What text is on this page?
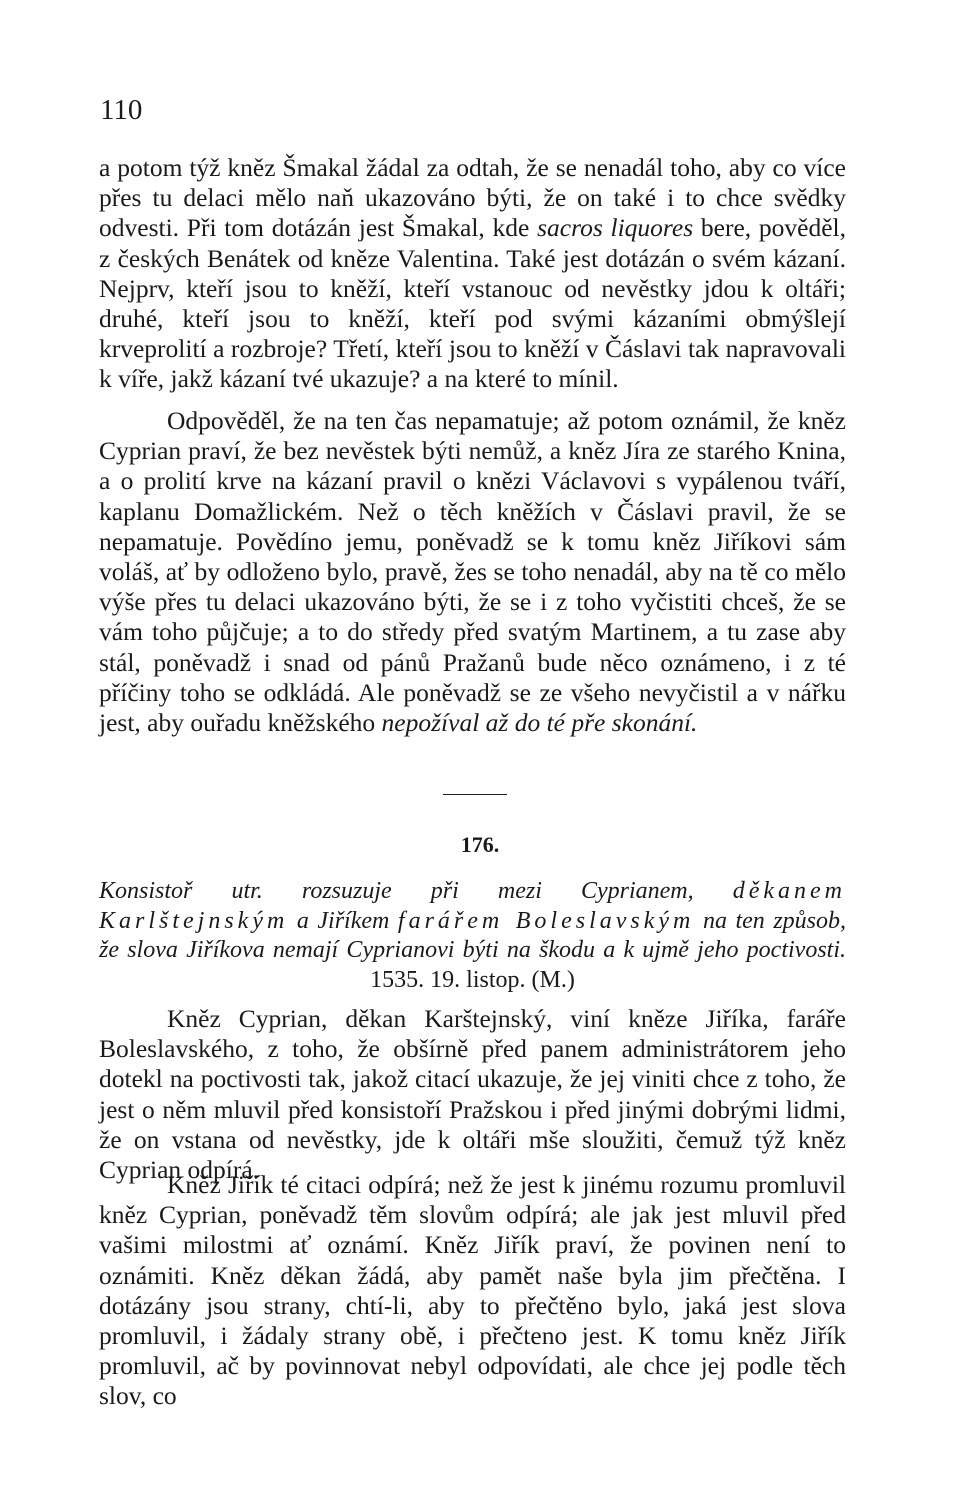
110

a potom týž kněz Šmakal žádal za odtah, že se nenadál toho, aby co více přes tu delaci mělo naň ukazováno býti, že on také i to chce svědky odvesti. Při tom dotázán jest Šmakal, kde sacros liquores bere, pověděl, z českých Benátek od kněze Valentina. Také jest dotázán o svém kázaní. Nejprv, kteří jsou to kněží, kteří vstanouc od nevěstky jdou k oltáři; druhé, kteří jsou to kněží, kteří pod svými kázaními obmýšlejí krveprolití a rozbroje? Třetí, kteří jsou to kněží v Čáslavi tak napravovali k víře, jakž kázaní tvé ukazuje? a na které to mínil.

Odpověděl, že na ten čas nepamatuje; až potom oznámil, že kněz Cyprian praví, že bez nevěstek býti nemůž, a kněz Jíra ze starého Knina, a o prolití krve na kázaní pravil o knězi Václavovi s vypálenou tváří, kaplanu Domažlickém. Než o těch kněžích v Čáslavi pravil, že se nepamatuje. Povědíno jemu, poněvadž se k tomu kněz Jiříkovi sám voláš, ať by odloženo bylo, pravě, žes se toho nenadál, aby na tě co mělo výše přes tu delaci ukazováno býti, že se i z toho vyčistiti chceš, že se vám toho půjčuje; a to do středy před svatým Martinem, a tu zase aby stál, poněvadž i snad od pánů Pražanů bude něco oznámeno, i z té příčiny toho se odkládá. Ale poněvadž se ze všeho nevyčistil a v nářku jest, aby ouřadu kněžského nepožíval až do té pře skonání.

176.

Konsistoř utr. rozsuzuje při mezi Cyprianem, děkanem Karlštejnským a Jiříkem farářem Boleslavským na ten způsob, že slova Jiříkova nemají Cyprianovi býti na škodu a k ujmě jeho poctivosti. 1535. 19. listop. (M.)

Kněz Cyprian, děkan Karštejnský, viní kněze Jiříka, faráře Boleslavského, z toho, že obšírně před panem administrátorem jeho dotekl na poctivosti tak, jakož citací ukazuje, že jej viniti chce z toho, že jest o něm mluvil před konsistoří Pražskou i před jinými dobrými lidmi, že on vstana od nevěstky, jde k oltáři mše sloužiti, čemuž týž kněz Cyprian odpírá.

Kněz Jiřík té citaci odpírá; než že jest k jinému rozumu promluvil kněz Cyprian, poněvadž těm slovům odpírá; ale jak jest mluvil před vašimi milostmi ať oznámí. Kněz Jiřík praví, že povinen není to oznámiti. Kněz děkan žádá, aby pamět naše byla jim přečtěna. I dotázány jsou strany, chtí-li, aby to přečtěno bylo, jaká jest slova promluvil, i žádaly strany obě, i přečteno jest. K tomu kněz Jiřík promluvil, ač by povinnovat nebyl odpovídati, ale chce jej podle těch slov, co
